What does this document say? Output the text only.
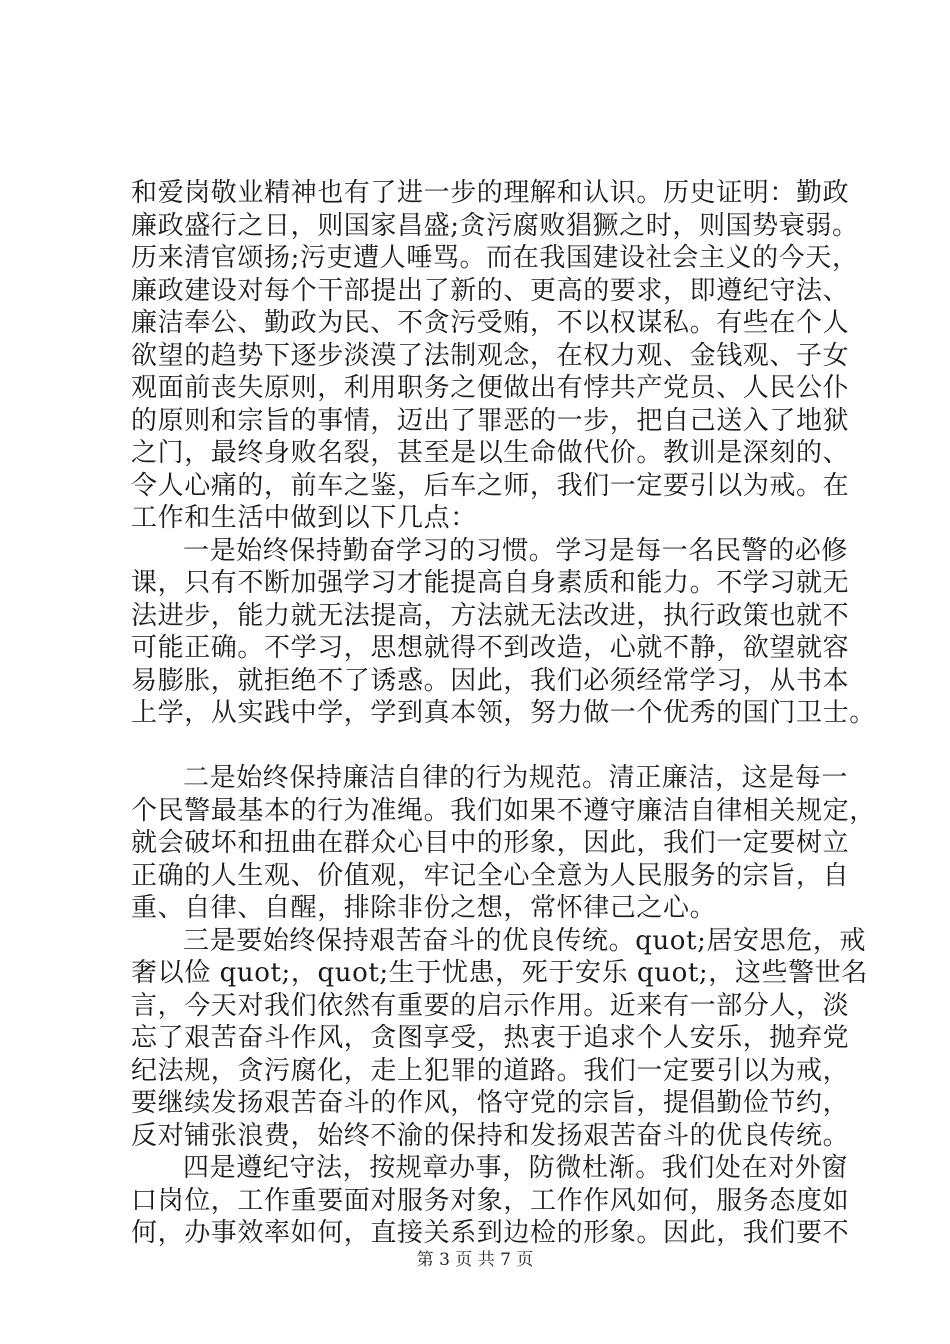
和爱岗敬业精神也有了进一步的理解和认识。历史证明：勤政
廉政盛行之日，则国家昌盛;贪污腐败猖獗之时，则国势衰弱。
历来清官颂扬;污吏遭人唾骂。而在我国建设社会主义的今天，
廉政建设对每个干部提出了新的、更高的要求，即遵纪守法、
廉洁奉公、勤政为民、不贪污受贿，不以权谋私。有些在个人
欲望的趋势下逐步淡漠了法制观念，在权力观、金钱观、子女
观面前丧失原则，利用职务之便做出有悖共产党员、人民公仆
的原则和宗旨的事情，迈出了罪恶的一步，把自己送入了地狱
之门，最终身败名裂，甚至是以生命做代价。教训是深刻的、
令人心痛的，前车之鉴，后车之师，我们一定要引以为戒。在
工作和生活中做到以下几点：
一是始终保持勤奋学习的习惯。学习是每一名民警的必修
课，只有不断加强学习才能提高自身素质和能力。不学习就无
法进步，能力就无法提高，方法就无法改进，执行政策也就不
可能正确。不学习，思想就得不到改造，心就不静，欲望就容
易膨胀，就拒绝不了诱惑。因此，我们必须经常学习，从书本
上学，从实践中学，学到真本领，努力做一个优秀的国门卫士。
二是始终保持廉洁自律的行为规范。清正廉洁，这是每一
个民警最基本的行为准绳。我们如果不遵守廉洁自律相关规定，
就会破坏和扭曲在群众心目中的形象，因此，我们一定要树立
正确的人生观、价值观，牢记全心全意为人民服务的宗旨，自
重、自律、自醒，排除非份之想，常怀律己之心。
三是要始终保持艰苦奋斗的优良传统。quot;居安思危，戒
奢以俭 quot;，quot;生于忧患，死于安乐 quot;，这些警世名
言，今天对我们依然有重要的启示作用。近来有一部分人，淡
忘了艰苦奋斗作风，贪图享受，热衷于追求个人安乐，抛弃党
纪法规，贪污腐化，走上犯罪的道路。我们一定要引以为戒，
要继续发扬艰苦奋斗的作风，恪守党的宗旨，提倡勤俭节约，
反对铺张浪费，始终不渝的保持和发扬艰苦奋斗的优良传统。
四是遵纪守法，按规章办事，防微杜渐。我们处在对外窗
口岗位，工作重要面对服务对象，工作作风如何，服务态度如
何，办事效率如何，直接关系到边检的形象。因此，我们要不
第 3 页 共 7 页
